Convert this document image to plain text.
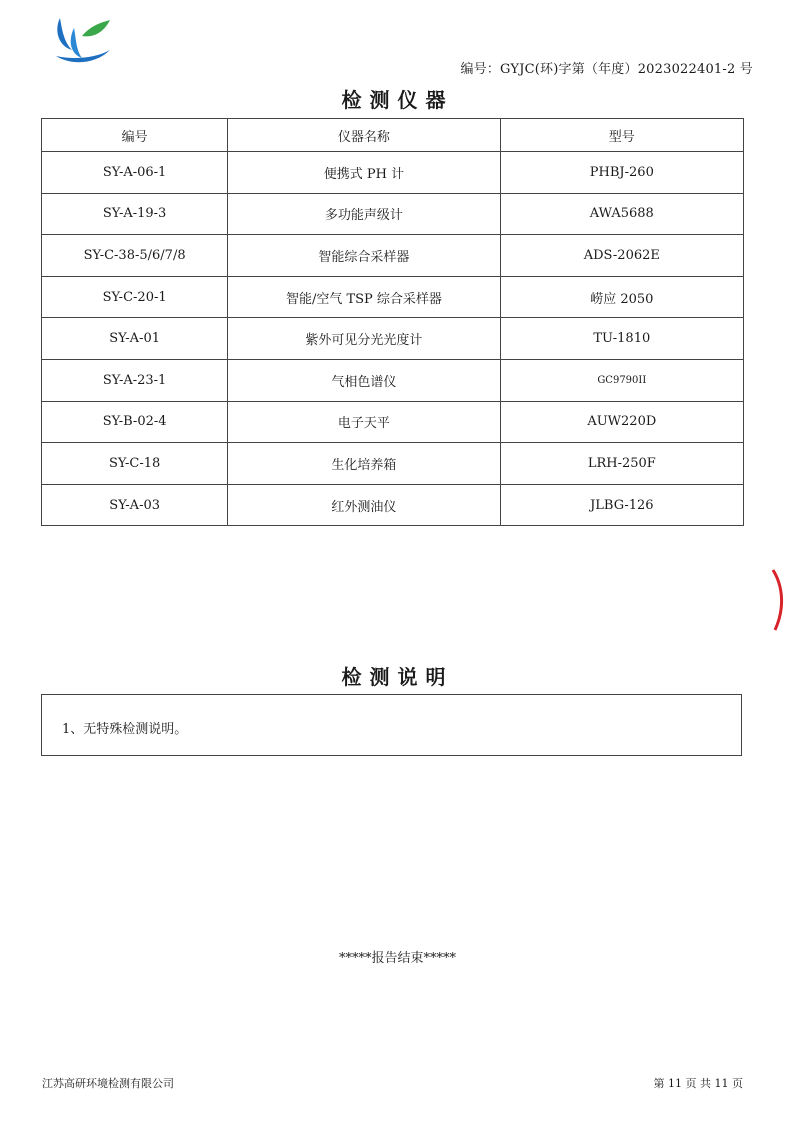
编号：GYJC(环)字第（年度）2023022401-2 号
检测仪器
编号	仪器名称	型号
SY-A-06-1	便携式 PH 计	PHBJ-260
SY-A-19-3	多功能声级计	AWA5688
SY-C-38-5/6/7/8	智能综合采样器	ADS-2062E
SY-C-20-1	智能/空气 TSP 综合采样器	崂应 2050
SY-A-01	紫外可见分光光度计	TU-1810
SY-A-23-1	气相色谱仪	GC9790II
SY-B-02-4	电子天平	AUW220D
SY-C-18	生化培养箱	LRH-250F
SY-A-03	红外测油仪	JLBG-126
检测说明
1、无特殊检测说明。
*****报告结束*****
江苏高研环境检测有限公司	第 11 页 共 11 页
